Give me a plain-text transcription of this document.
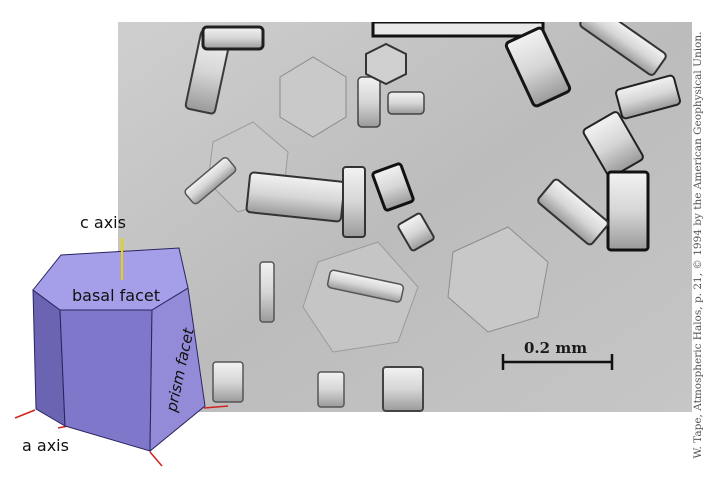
0.2 mm	W. Tape, Atmospheric Halos, p. 21, © 1994 by the American Geophysical Union.
c axis
basal facet
prism facet
a axis
